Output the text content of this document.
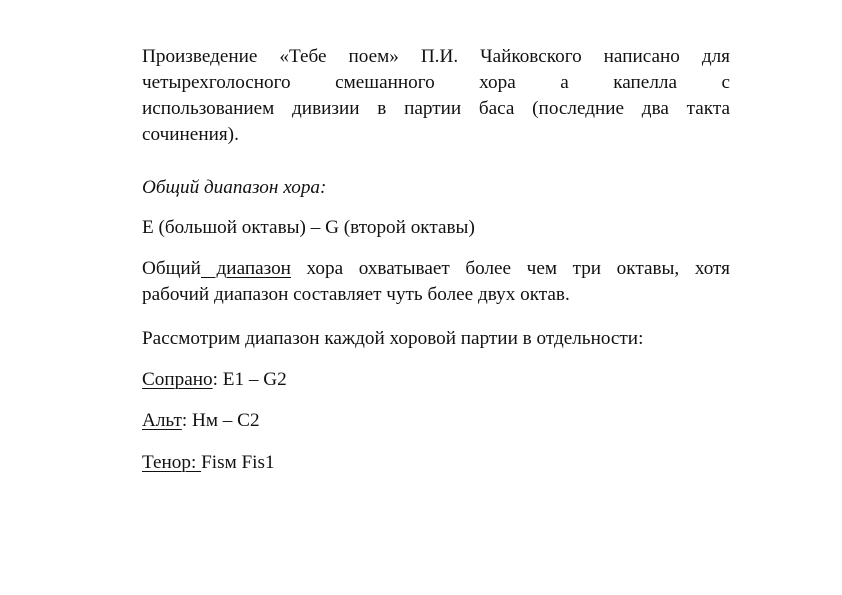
Произведение «Тебе поем» П.И. Чайковского написано для
четырехголосного смешанного хора а капелла с
использованием дивизии в партии баса (последние два такта
сочинения).
Общий диапазон хора:
Е (большой октавы) – G (второй октавы)
Общий диапазон хора охватывает более чем три октавы, хотя
рабочий диапазон составляет чуть более двух октав.
Рассмотрим диапазон каждой хоровой партии в отдельности:
Сопрано: E1 – G2
Альт: Hм – C2
Тенор: Fisм Fis1
